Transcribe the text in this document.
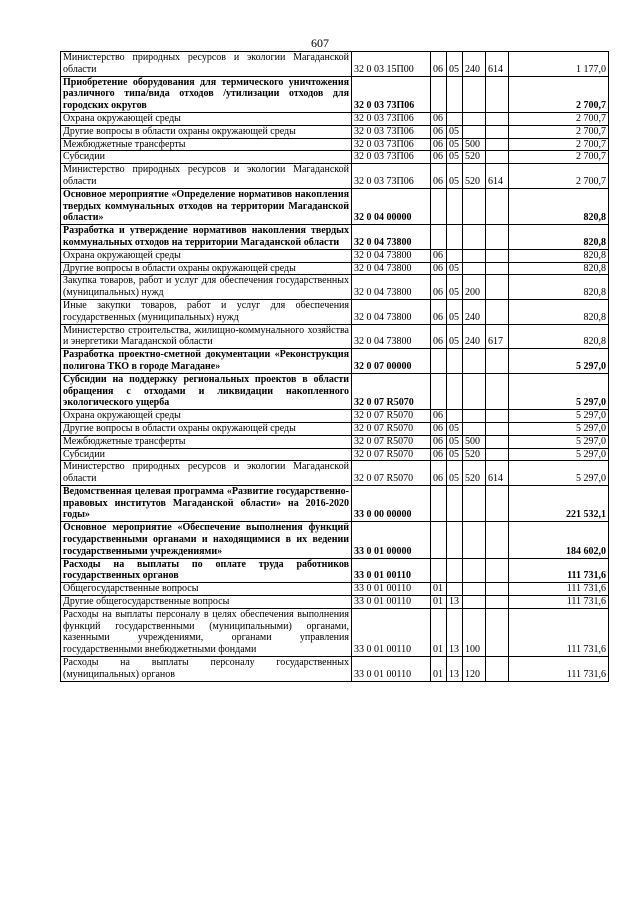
607
Министерство природных ресурсов и экологии Магаданской области	32 0 03 15П00	06	05	240	614	1 177,0
Приобретение оборудования для термического уничтожения различного типа/вида отходов /утилизации отходов для городских округов	32 0 03 73П06					2 700,7
Охрана окружающей среды	32 0 03 73П06	06				2 700,7
Другие вопросы в области охраны окружающей среды	32 0 03 73П06	06	05			2 700,7
Межбюджетные трансферты	32 0 03 73П06	06	05	500		2 700,7
Субсидии	32 0 03 73П06	06	05	520		2 700,7
Министерство природных ресурсов и экологии Магаданской области	32 0 03 73П06	06	05	520	614	2 700,7
Основное мероприятие «Определение нормативов накопления твердых коммунальных отходов на территории Магаданской области»	32 0 04 00000					820,8
Разработка и утверждение нормативов накопления твердых коммунальных отходов на территории Магаданской области	32 0 04 73800					820,8
Охрана окружающей среды	32 0 04 73800	06				820,8
Другие вопросы в области охраны окружающей среды	32 0 04 73800	06	05			820,8
Закупка товаров, работ и услуг для обеспечения государственных (муниципальных) нужд	32 0 04 73800	06	05	200		820,8
Иные закупки товаров, работ и услуг для обеспечения государственных (муниципальных) нужд	32 0 04 73800	06	05	240		820,8
Министерство строительства, жилищно-коммунального хозяйства и энергетики Магаданской области	32 0 04 73800	06	05	240	617	820,8
Разработка проектно-сметной документации «Реконструкция полигона ТКО в городе Магадане»	32 0 07 00000					5 297,0
Субсидии на поддержку региональных проектов в области обращения с отходами и ликвидации накопленного экологического ущерба	32 0 07 R5070					5 297,0
Охрана окружающей среды	32 0 07 R5070	06				5 297,0
Другие вопросы в области охраны окружающей среды	32 0 07 R5070	06	05			5 297,0
Межбюджетные трансферты	32 0 07 R5070	06	05	500		5 297,0
Субсидии	32 0 07 R5070	06	05	520		5 297,0
Министерство природных ресурсов и экологии Магаданской области	32 0 07 R5070	06	05	520	614	5 297,0
Ведомственная целевая программа «Развитие государственно-правовых институтов Магаданской области» на 2016-2020 годы»	33 0 00 00000					221 532,1
Основное мероприятие «Обеспечение выполнения функций государственными органами и находящимися в их ведении государственными учреждениями»	33 0 01 00000					184 602,0
Расходы на выплаты по оплате труда работников государственных органов	33 0 01 00110					111 731,6
Общегосударственные вопросы	33 0 01 00110	01				111 731,6
Другие общегосударственные вопросы	33 0 01 00110	01	13			111 731,6
Расходы на выплаты персоналу в целях обеспечения выполнения функций государственными (муниципальными) органами, казенными учреждениями, органами управления государственными внебюджетными фондами	33 0 01 00110	01	13	100		111 731,6
Расходы на выплаты персоналу государственных (муниципальных) органов	33 0 01 00110	01	13	120		111 731,6
